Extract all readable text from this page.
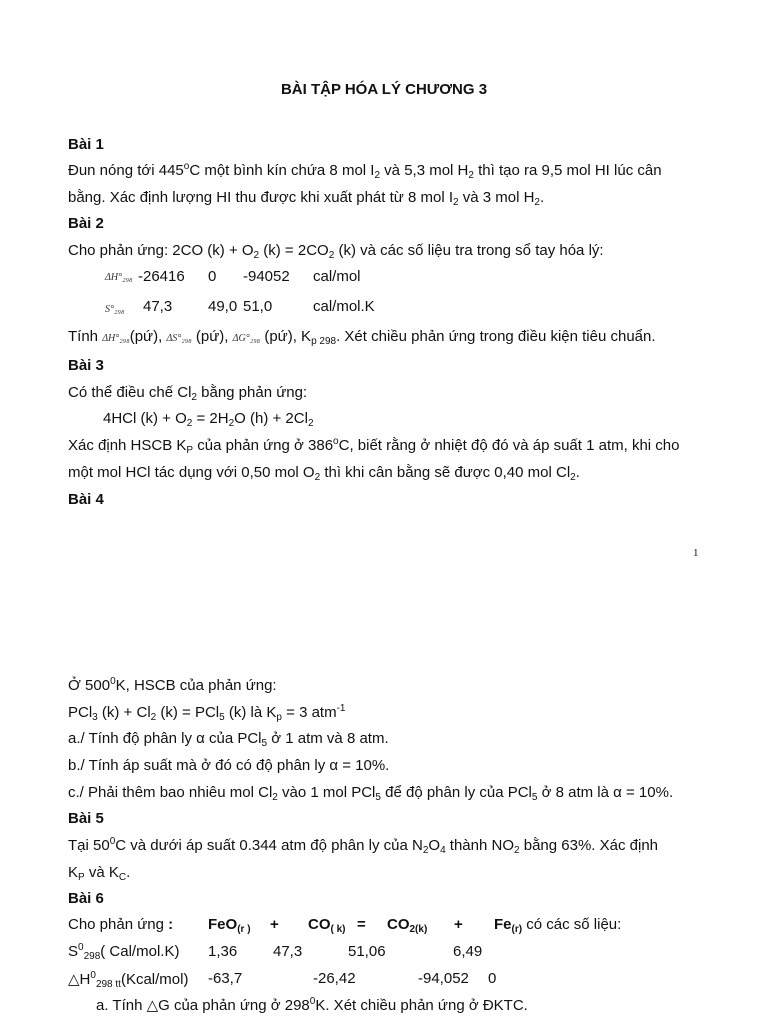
BÀI TẬP HÓA LÝ CHƯƠNG 3
Bài 1
Đun nóng tới 445$^o$C một bình kín chứa 8 mol $I_2$ và 5,3 mol $H_2$ thì tạo ra 9,5 mol HI lúc cân
bằng. Xác định lượng HI thu được khi xuất phát từ 8 mol $I_2$ và 3 mol $H_2$.
Bài 2
Cho phản ứng: 2CO $(k) + O_2$ $(k) = 2CO_2$ (k) và các số liệu tra trong sổ tay hóa lý:
ΔH°₂₉₈ -26416 0 -94052 cal/mol
S°₂₉₈ 47,3 49,0 51,0	cal/mol.K
Tính ΔH°₂₉₈(pứ), ΔS°₂₉₈ (pứ), ΔG°₂₉₈ (pứ), $K_{p 298}$. Xét chiều phản ứng trong điều kiện tiêu chuẩn.
Bài 3
Có thể điều chế $Cl_2$ bằng phản ứng:
4HCl $(k) + O_2 = 2H_2O$ $(h) + 2Cl_2$
Xác định HSCB $K_P$ của phản ứng ở 386$^o$C, biết rằng ở nhiệt độ đó và áp suất 1 atm, khi cho
một mol HCl tác dụng với 0,50 mol $O_2$ thì khi cân bằng sẽ được 0,40 mol $Cl_2$.
Bài 4
1
Ở $500^0K$, HSCB của phản ứng:
PCl$_3$ $(k) + Cl_2$ (k) = PCl$_5$ (k) là $K_p = 3$ atm$^{-1}$
a./ Tính độ phân ly α của PCl$_5$ ở 1 atm và 8 atm.
b./ Tính áp suất mà ở đó có độ phân ly α = 10%.
c./ Phải thêm bao nhiêu mol $Cl_2$ vào 1 mol PCl$_5$ để độ phân ly của PCl$_5$ ở 8 atm là α = 10%.
Bài 5
Tại $50^0C$ và dưới áp suất 0.344 atm độ phân ly của $N_2O_4$ thành $NO_2$ bằng 63%. Xác định
$K_P$ và $K_C$.
Bài 6
Cho phản ứng : $FeO_{(r )} + CO_{( k)} = CO_{2(k)} + Fe_{(r)}$ có các số liệu:
$S^0_{298}$( Cal/mol.K) 1,36 47,3	51,06	6,49
$\triangle H^0_{298 tt}(Kcal/mol)$ -63,7	-26,42	-94,052 0
a. Tính △G của phản ứng ở $298^0K$. Xét chiều phản ứng ở ĐKTC.
